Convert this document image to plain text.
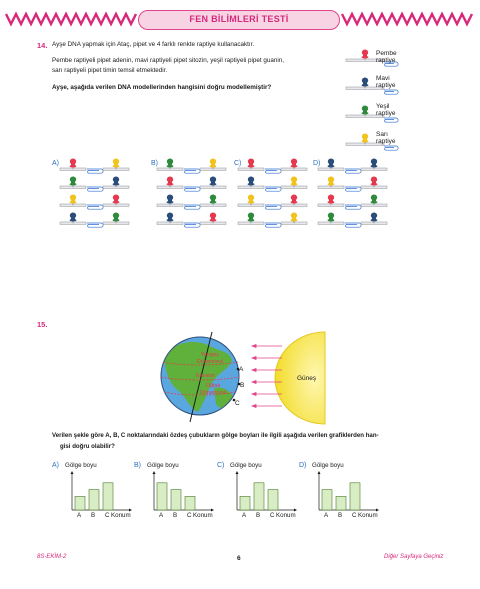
FEN BİLİMLERİ TESTİ
14. Ayşe DNA yapmak için Ataç, pipet ve 4 farklı renkte raptiye kullanacaktır.
Pembe raptiyeli pipet adenin, mavi raptiyeli pipet sitozin, yeşil raptiyeli pipet guanin,
sarı raptiyeli pipet timin temsil etmektedir.
Ayşe, aşağıda verilen DNA modellerinden hangisini doğru modellemiştir?
Pembe
raptiye
Mavi
raptiye
Yeşil
raptiye
Sarı
raptiye
A)	B)	C)	D)
15.
Yengeç Dönencesi
Ekvator
Oğlak Dönencesi
A
B
C
Güneş
Verilen şekle göre A, B, C noktalarındaki özdeş çubukların gölge boyları ile ilgili aşağıda verilen grafiklerden han-
gisi doğru olabilir?
A)	B)	C)	D)
Gölge boyu	Gölge boyu	Gölge boyu	Gölge boyu
A B C Konum	A B C Konum	A B C Konum	A B C Konum
8S-EKİM-2	6	Diğer Sayfaya Geçiniz
